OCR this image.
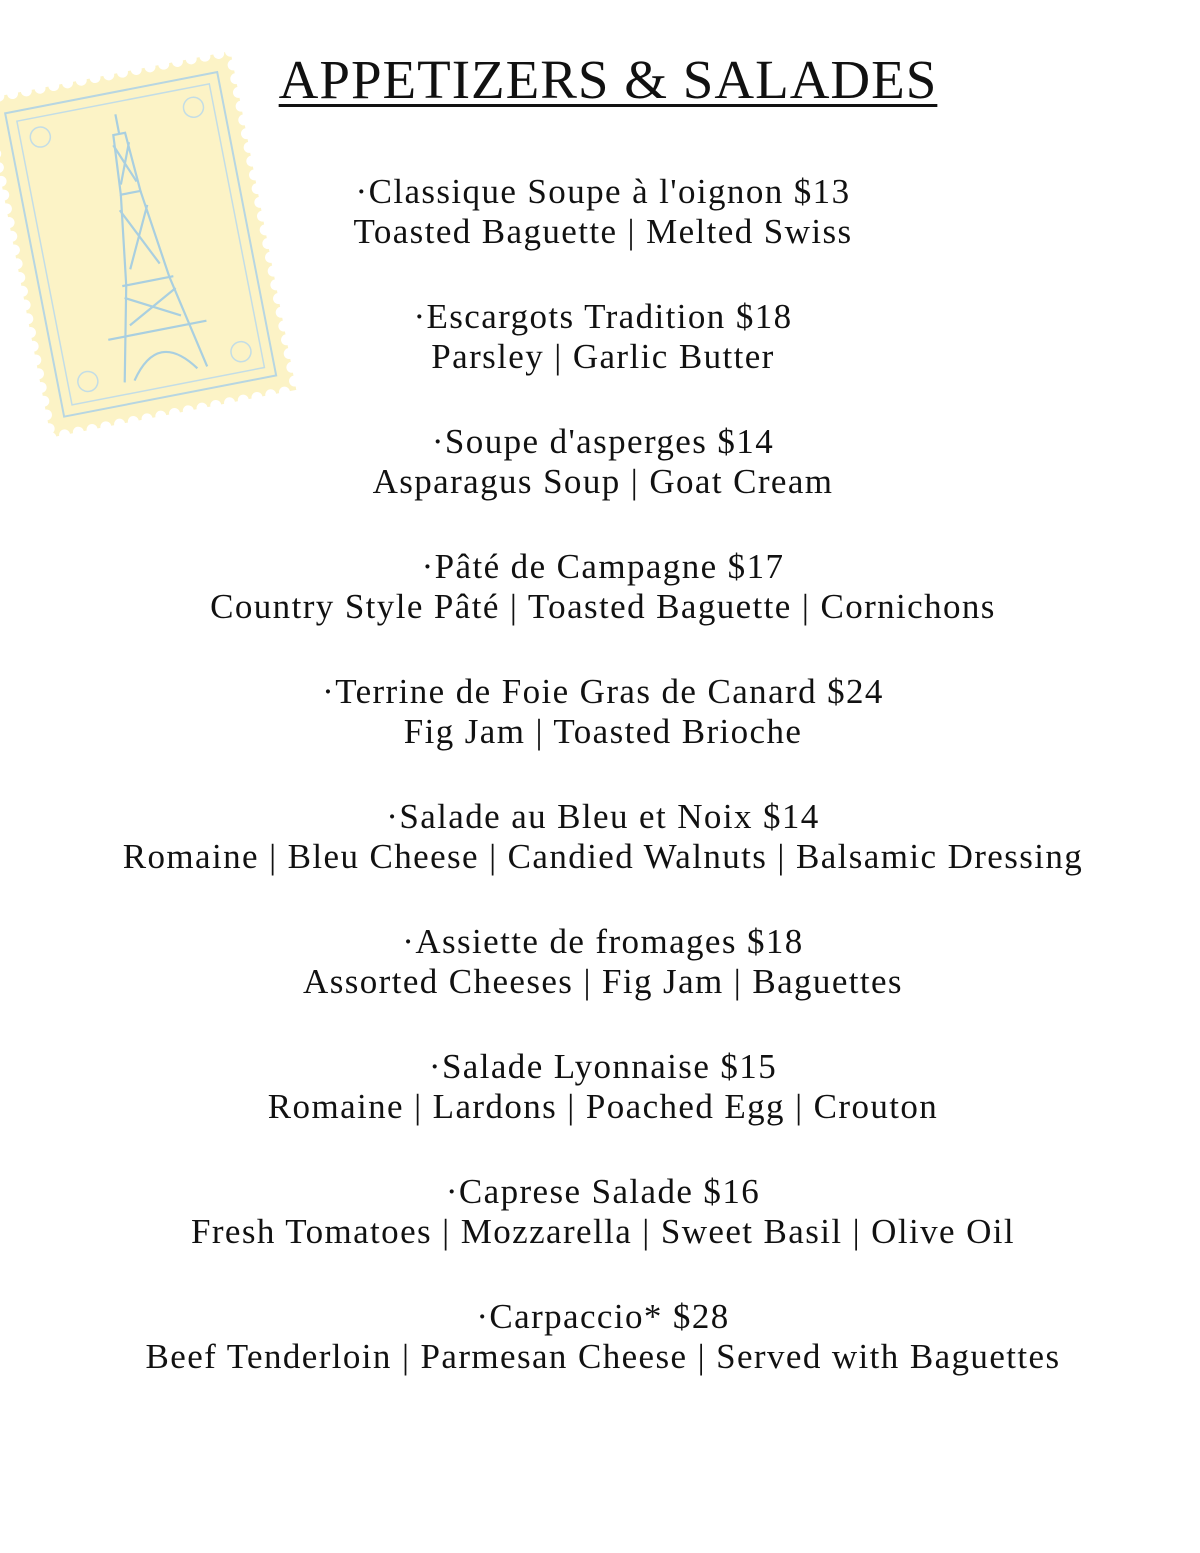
APPETIZERS & SALADES
·Classique Soupe à l'oignon $13
Toasted Baguette | Melted Swiss
·Escargots Tradition $18
Parsley | Garlic Butter
·Soupe d'asperges $14
Asparagus Soup | Goat Cream
·Pâté de Campagne $17
Country Style Pâté | Toasted Baguette | Cornichons
·Terrine de Foie Gras de Canard $24
Fig Jam | Toasted Brioche
·Salade au Bleu et Noix $14
Romaine | Bleu Cheese | Candied Walnuts | Balsamic Dressing
·Assiette de fromages $18
Assorted Cheeses | Fig Jam | Baguettes
·Salade Lyonnaise $15
Romaine | Lardons | Poached Egg | Crouton
·Caprese Salade $16
Fresh Tomatoes | Mozzarella | Sweet Basil | Olive Oil
·Carpaccio* $28
Beef Tenderloin | Parmesan Cheese | Served with Baguettes
